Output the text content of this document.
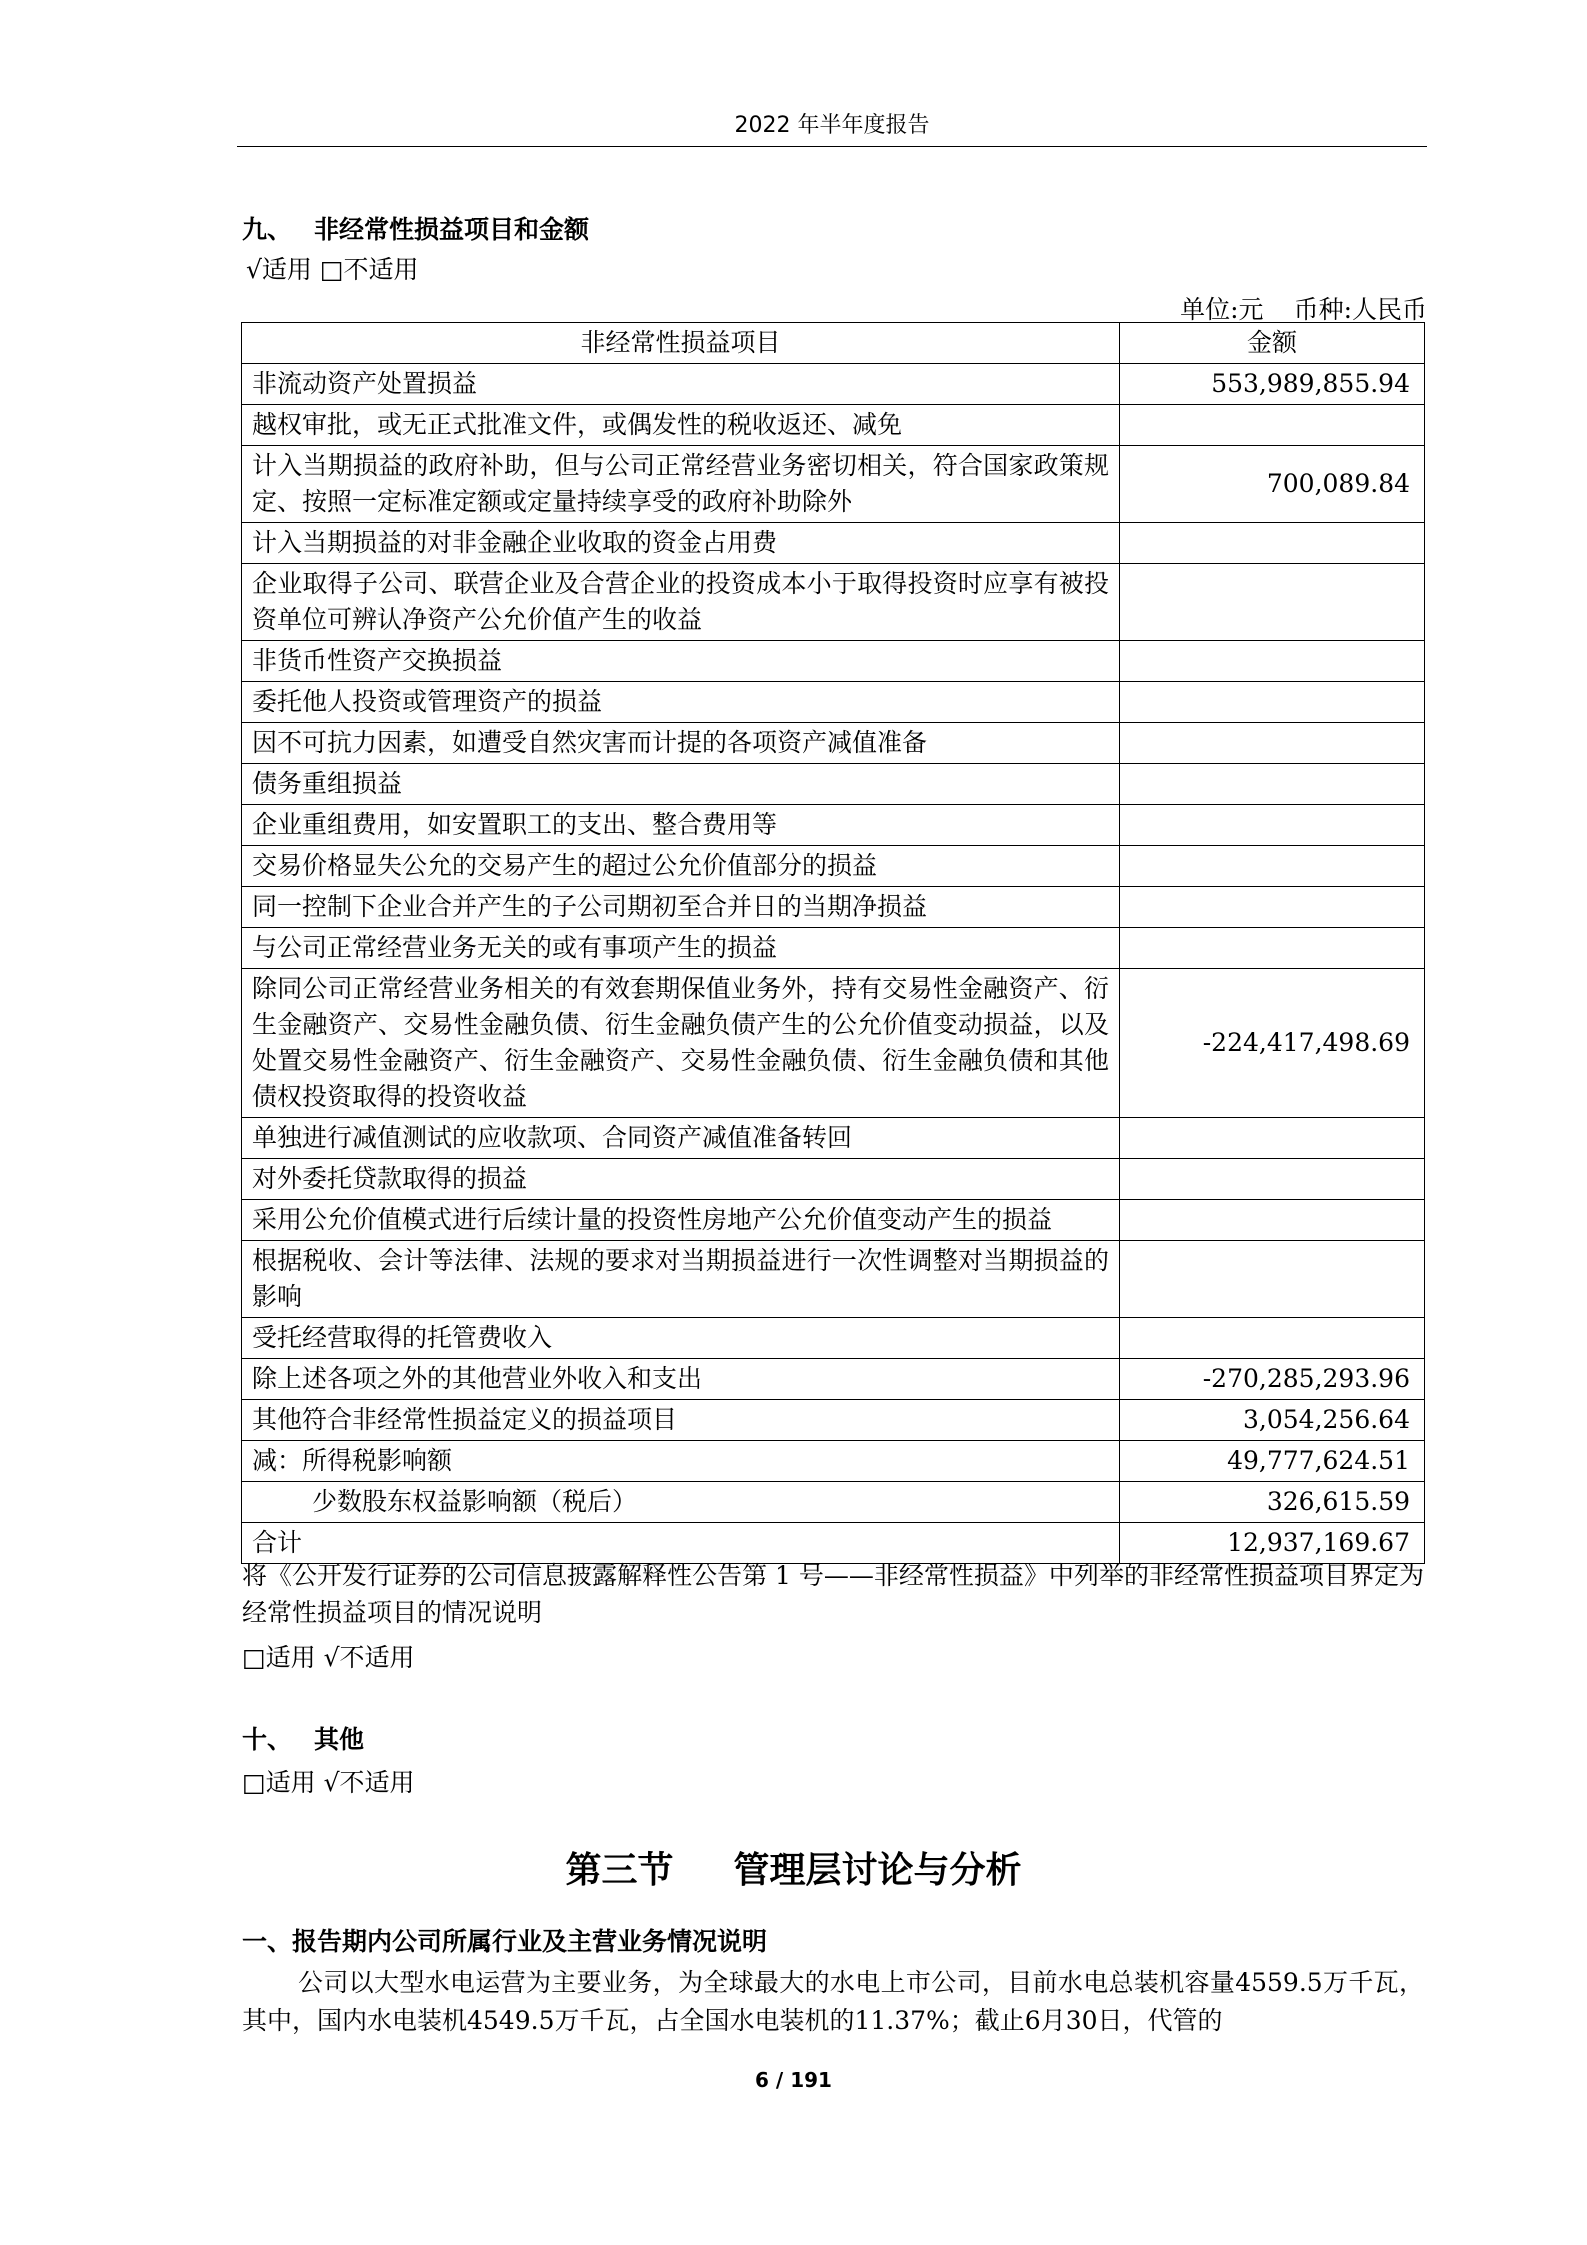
2022 年半年度报告
九、 非经常性损益项目和金额
√适用 □不适用
单位:元 币种:人民币
非经常性损益项目	金额
非流动资产处置损益	553,989,855.94
越权审批，或无正式批准文件，或偶发性的税收返还、减免	
计入当期损益的政府补助，但与公司正常经营业务密切相关，符合国家政策规定、按照一定标准定额或定量持续享受的政府补助除外	700,089.84
计入当期损益的对非金融企业收取的资金占用费	
企业取得子公司、联营企业及合营企业的投资成本小于取得投资时应享有被投资单位可辨认净资产公允价值产生的收益	
非货币性资产交换损益	
委托他人投资或管理资产的损益	
因不可抗力因素，如遭受自然灾害而计提的各项资产减值准备	
债务重组损益	
企业重组费用，如安置职工的支出、整合费用等	
交易价格显失公允的交易产生的超过公允价值部分的损益	
同一控制下企业合并产生的子公司期初至合并日的当期净损益	
与公司正常经营业务无关的或有事项产生的损益	
除同公司正常经营业务相关的有效套期保值业务外，持有交易性金融资产、衍生金融资产、交易性金融负债、衍生金融负债产生的公允价值变动损益，以及处置交易性金融资产、衍生金融资产、交易性金融负债、衍生金融负债和其他债权投资取得的投资收益	-224,417,498.69
单独进行减值测试的应收款项、合同资产减值准备转回	
对外委托贷款取得的损益	
采用公允价值模式进行后续计量的投资性房地产公允价值变动产生的损益	
根据税收、会计等法律、法规的要求对当期损益进行一次性调整对当期损益的影响	
受托经营取得的托管费收入	
除上述各项之外的其他营业外收入和支出	-270,285,293.96
其他符合非经常性损益定义的损益项目	3,054,256.64
减：所得税影响额	49,777,624.51
少数股东权益影响额（税后）	326,615.59
合计	12,937,169.67
将《公开发行证券的公司信息披露解释性公告第 1 号——非经常性损益》中列举的非经常性损益项目界定为经常性损益项目的情况说明
□适用 √不适用
十、 其他
□适用 √不适用
第三节 管理层讨论与分析
一、报告期内公司所属行业及主营业务情况说明
公司以大型水电运营为主要业务，为全球最大的水电上市公司，目前水电总装机容量4559.5万千瓦，其中，国内水电装机4549.5万千瓦，占全国水电装机的11.37%；截止6月30日，代管的
6 / 191
